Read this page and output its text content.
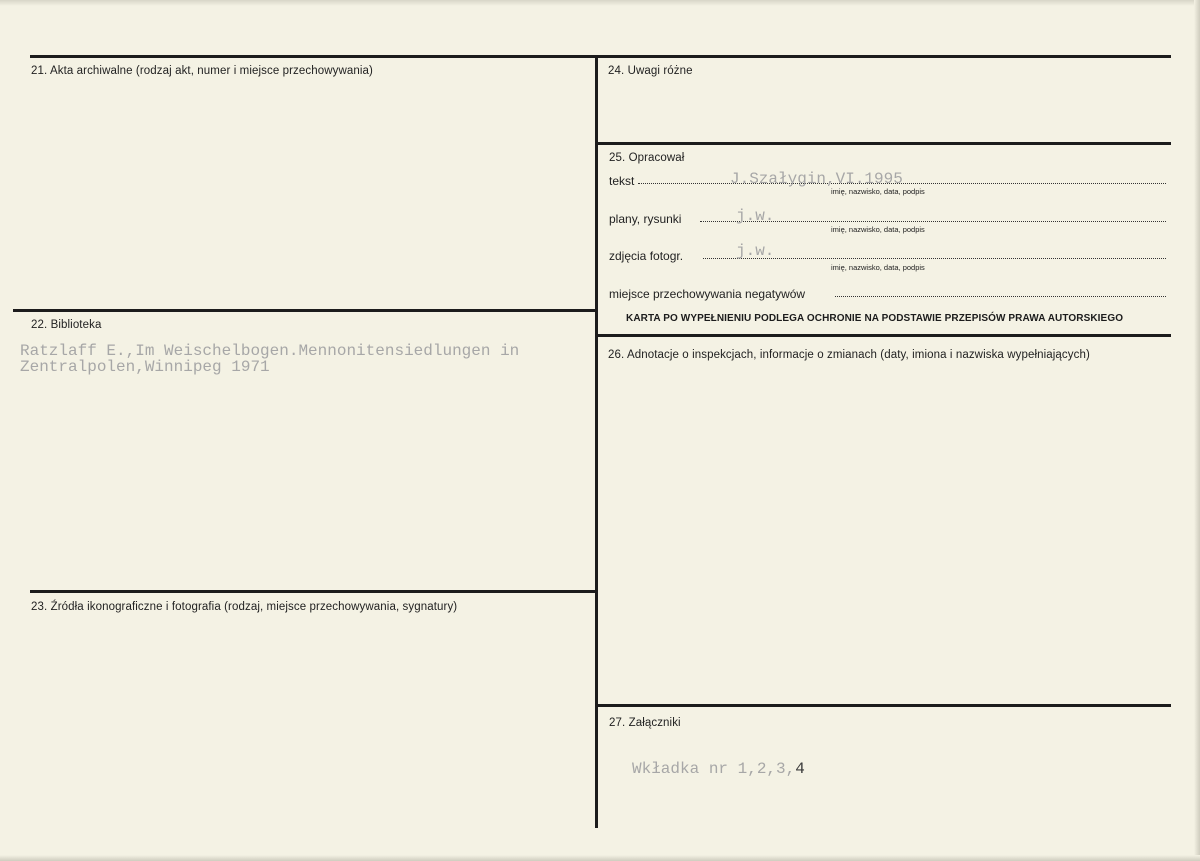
21. Akta archiwalne (rodzaj akt, numer i miejsce przechowywania)
22. Biblioteka
Ratzlaff E.,Im Weischelbogen.Mennonitensiedlungen in
Zentralpolen,Winnipeg 1971
23. Źródła ikonograficzne i fotografia (rodzaj, miejsce przechowywania, sygnatury)
24. Uwagi różne
25. Opracował
tekst	J.Szałygin,VI.1995
imię, nazwisko, data, podpis
plany, rysunki	j.w.
imię, nazwisko, data, podpis
zdjęcia fotogr.	j.w.
imię, nazwisko, data, podpis
miejsce przechowywania negatywów
KARTA PO WYPEŁNIENIU PODLEGA OCHRONIE NA PODSTAWIE PRZEPISÓW PRAWA AUTORSKIEGO
26. Adnotacje o inspekcjach, informacje o zmianach (daty, imiona i nazwiska wypełniających)
27. Załączniki
Wkładka nr 1,2,3,4
